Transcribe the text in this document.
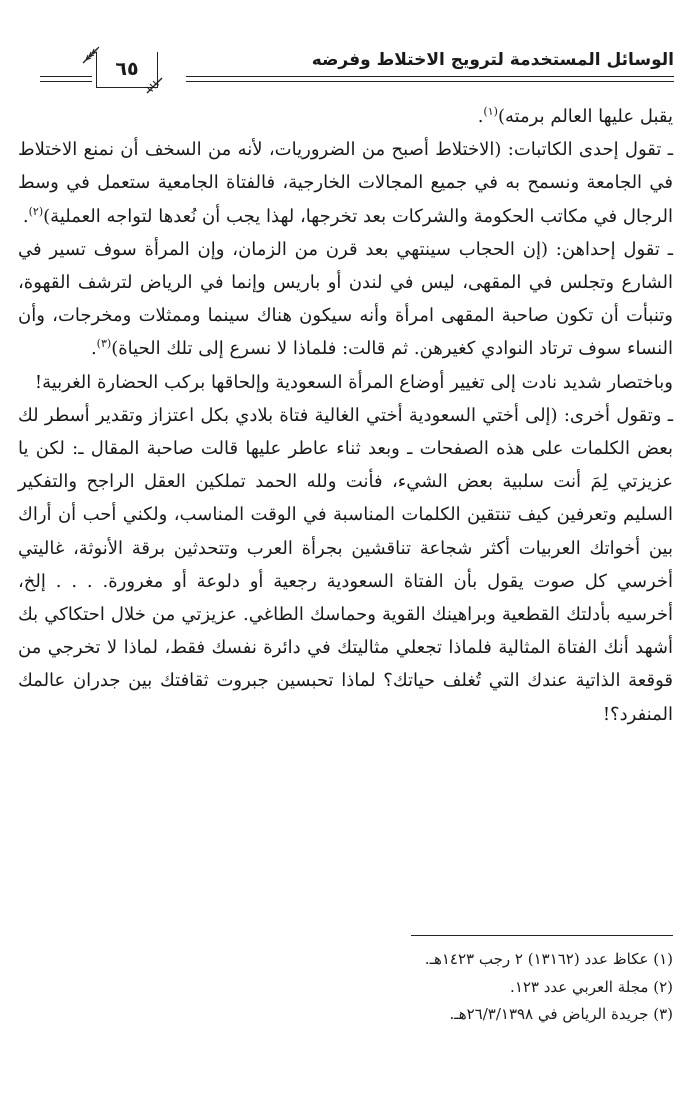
الوسائل المستخدمة لترويج الاختلاط وفرضه
٦٥

يقبل عليها العالم برمته)$^{(١)}$.

ـ تقول إحدى الكاتبات: (الاختلاط أصبح من الضروريات، لأنه من السخف أن نمنع الاختلاط في الجامعة ونسمح به في جميع المجالات الخارجية، فالفتاة الجامعية ستعمل في وسط الرجال في مكاتب الحكومة والشركات بعد تخرجها، لهذا يجب أن نُعدها لتواجه العملية)$^{(٢)}$.

ـ تقول إحداهن: (إن الحجاب سينتهي بعد قرن من الزمان، وإن المرأة سوف تسير في الشارع وتجلس في المقهى، ليس في لندن أو باريس وإنما في الرياض لترشف القهوة، وتنبأت أن تكون صاحبة المقهى امرأة وأنه سيكون هناك سينما وممثلات ومخرجات، وأن النساء سوف ترتاد النوادي كغيرهن. ثم قالت: فلماذا لا نسرع إلى تلك الحياة)$^{(٣)}$.

وباختصار شديد نادت إلى تغيير أوضاع المرأة السعودية وإلحاقها بركب الحضارة الغربية!

ـ وتقول أخرى: (إلى أختي السعودية أختي الغالية فتاة بلادي بكل اعتزاز وتقدير أسطر لك بعض الكلمات على هذه الصفحات ـ وبعد ثناء عاطر عليها قالت صاحبة المقال ـ: لكن يا عزيزتي لِمَ أنت سلبية بعض الشيء، فأنت ولله الحمد تملكين العقل الراجح والتفكير السليم وتعرفين كيف تنتقين الكلمات المناسبة في الوقت المناسب، ولكني أحب أن أراك بين أخواتك العربيات أكثر شجاعة تناقشين بجرأة العرب وتتحدثين برقة الأنوثة، غاليتي أخرسي كل صوت يقول بأن الفتاة السعودية رجعية أو دلوعة أو مغرورة. . . . إلخ، أخرسيه بأدلتك القطعية وبراهينك القوية وحماسك الطاغي. عزيزتي من خلال احتكاكي بك أشهد أنك الفتاة المثالية فلماذا تجعلي مثاليتك في دائرة نفسك فقط، لماذا لا تخرجي من قوقعة الذاتية عندك التي تُغلف حياتك؟ لماذا تحبسين جبروت ثقافتك بين جدران عالمك المنفرد؟!

(١) عكاظ عدد (١٣١٦٢) ٢ رجب ١٤٢٣هـ.
(٢) مجلة العربي عدد ١٢٣.
(٣) جريدة الرياض في ٢٦/٣/١٣٩٨هـ.
